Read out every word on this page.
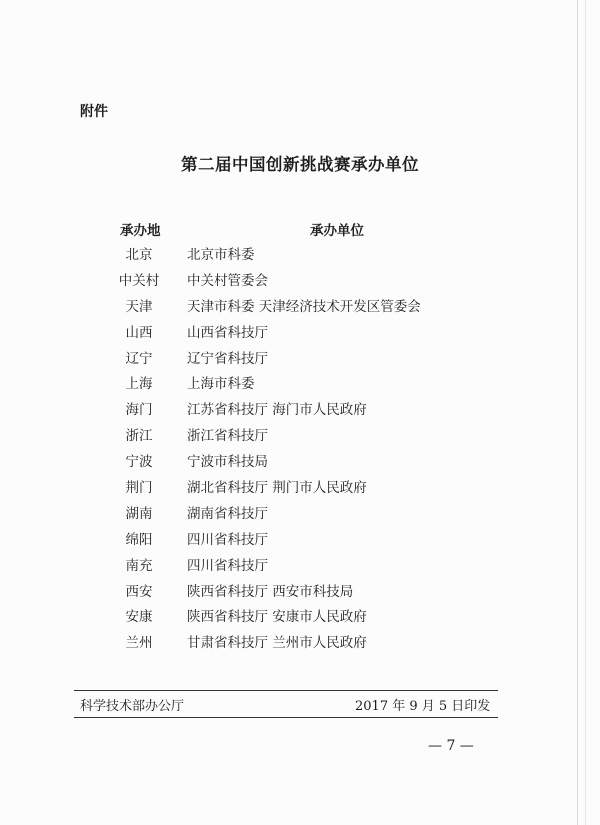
附件
第二届中国创新挑战赛承办单位
承办地	承办单位
北京	北京市科委
中关村	中关村管委会
天津	天津市科委 天津经济技术开发区管委会
山西	山西省科技厅
辽宁	辽宁省科技厅
上海	上海市科委
海门	江苏省科技厅 海门市人民政府
浙江	浙江省科技厅
宁波	宁波市科技局
荆门	湖北省科技厅 荆门市人民政府
湖南	湖南省科技厅
绵阳	四川省科技厅
南充	四川省科技厅
西安	陕西省科技厅 西安市科技局
安康	陕西省科技厅 安康市人民政府
兰州	甘肃省科技厅 兰州市人民政府
科学技术部办公厅	2017 年 9 月 5 日印发
— 7 —
